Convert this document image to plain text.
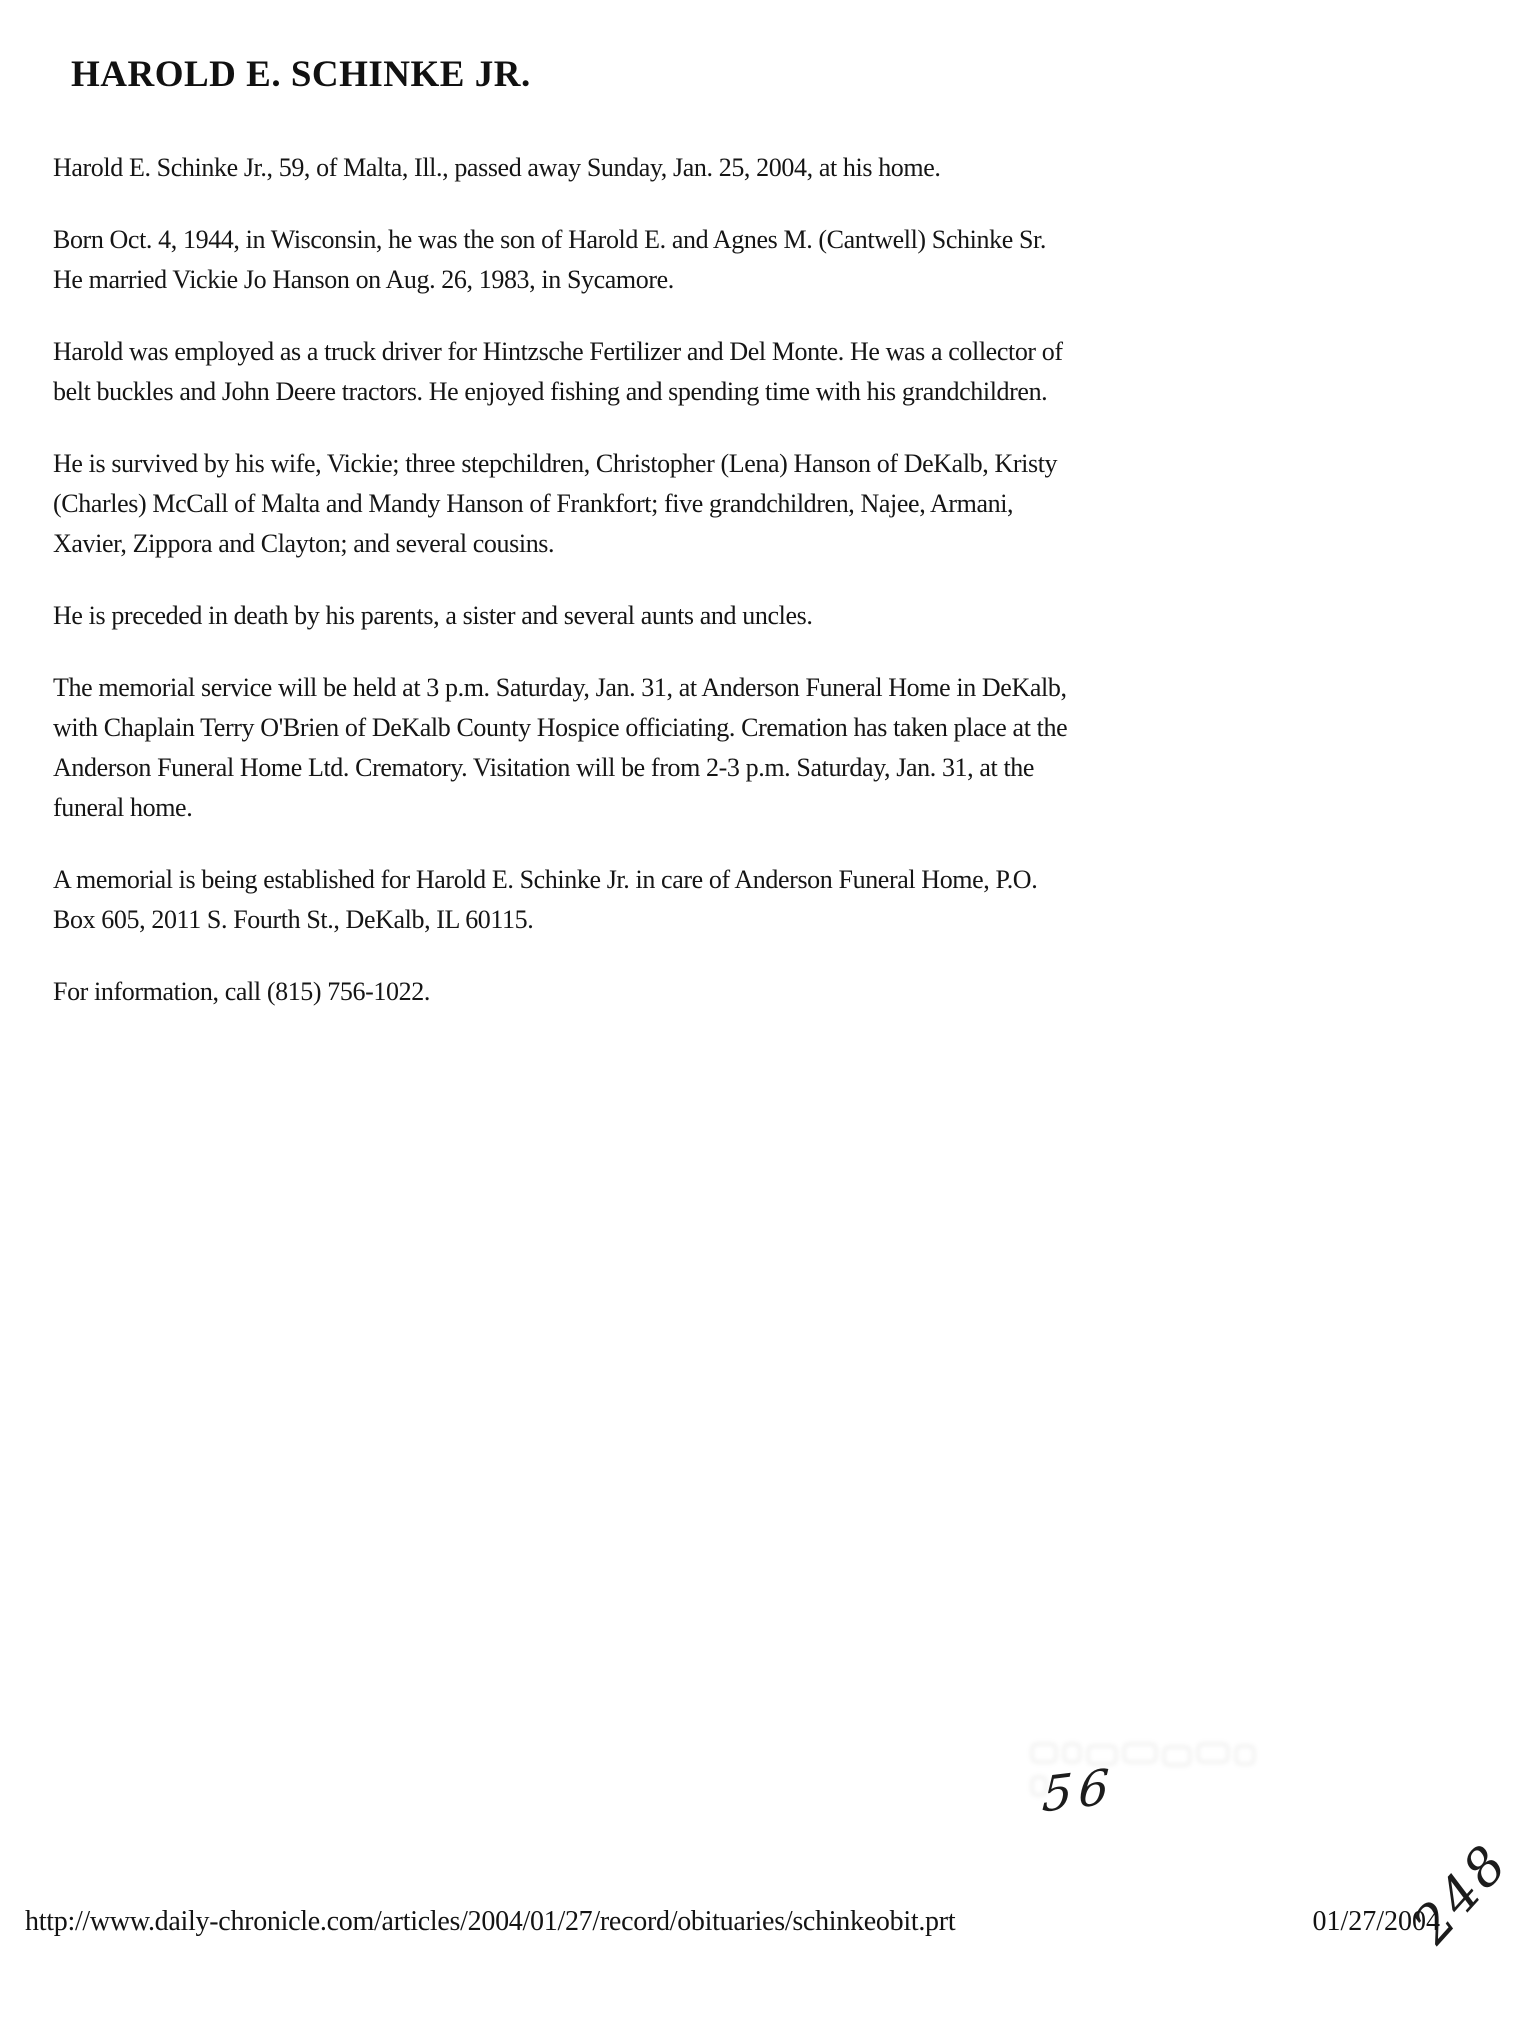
HAROLD E. SCHINKE JR.
Harold E. Schinke Jr., 59, of Malta, Ill., passed away Sunday, Jan. 25, 2004, at his home.
Born Oct. 4, 1944, in Wisconsin, he was the son of Harold E. and Agnes M. (Cantwell) Schinke Sr.
He married Vickie Jo Hanson on Aug. 26, 1983, in Sycamore.
Harold was employed as a truck driver for Hintzsche Fertilizer and Del Monte. He was a collector of
belt buckles and John Deere tractors. He enjoyed fishing and spending time with his grandchildren.
He is survived by his wife, Vickie; three stepchildren, Christopher (Lena) Hanson of DeKalb, Kristy
(Charles) McCall of Malta and Mandy Hanson of Frankfort; five grandchildren, Najee, Armani,
Xavier, Zippora and Clayton; and several cousins.
He is preceded in death by his parents, a sister and several aunts and uncles.
The memorial service will be held at 3 p.m. Saturday, Jan. 31, at Anderson Funeral Home in DeKalb,
with Chaplain Terry O'Brien of DeKalb County Hospice officiating. Cremation has taken place at the
Anderson Funeral Home Ltd. Crematory. Visitation will be from 2-3 p.m. Saturday, Jan. 31, at the
funeral home.
A memorial is being established for Harold E. Schinke Jr. in care of Anderson Funeral Home, P.O.
Box 605, 2011 S. Fourth St., DeKalb, IL 60115.
For information, call (815) 756-1022.
56
248
http://www.daily-chronicle.com/articles/2004/01/27/record/obituaries/schinkeobit.prt	01/27/2004
